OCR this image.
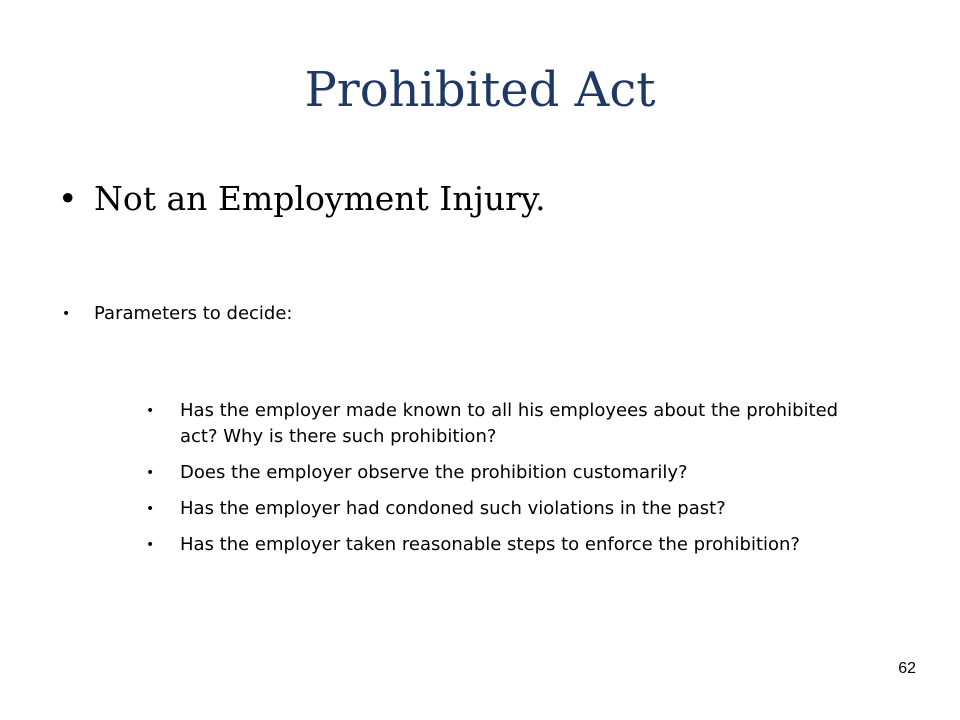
Prohibited Act
• Not an Employment Injury.
• Parameters to decide:
• Has the employer made known to all his employees about the prohibited act? Why is there such prohibition?
• Does the employer observe the prohibition customarily?
• Has the employer had condoned such violations in the past?
• Has the employer taken reasonable steps to enforce the prohibition?
62
